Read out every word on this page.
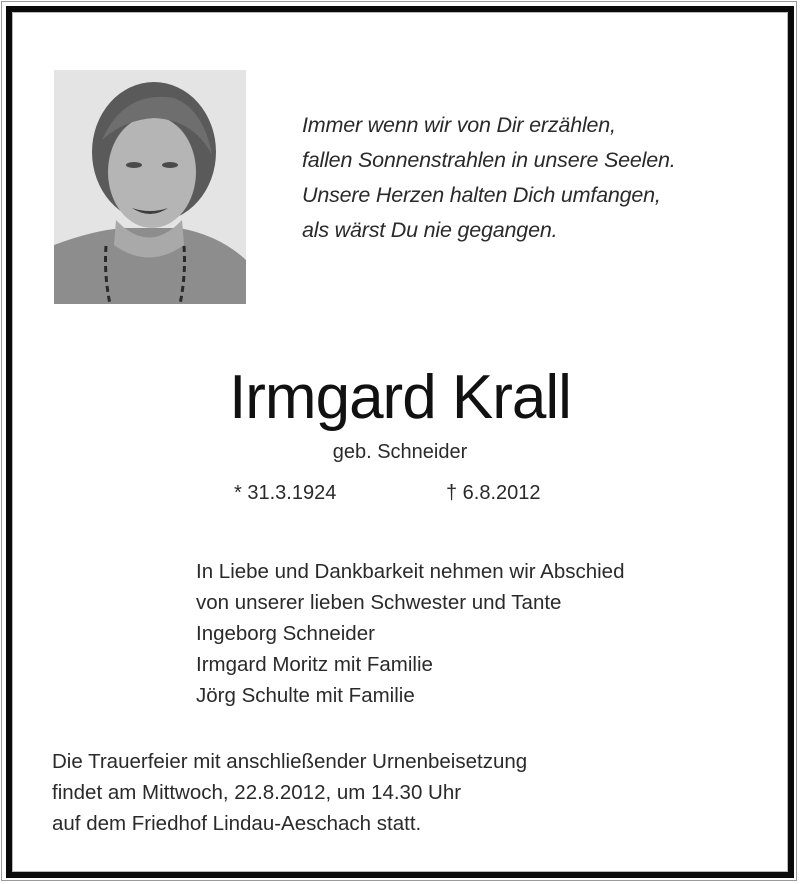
Immer wenn wir von Dir erzählen,
fallen Sonnenstrahlen in unsere Seelen.
Unsere Herzen halten Dich umfangen,
als wärst Du nie gegangen.
Irmgard Krall
geb. Schneider
* 31.3.1924	† 6.8.2012
In Liebe und Dankbarkeit nehmen wir Abschied
von unserer lieben Schwester und Tante
Ingeborg Schneider
Irmgard Moritz mit Familie
Jörg Schulte mit Familie
Die Trauerfeier mit anschließender Urnenbeisetzung
findet am Mittwoch, 22.8.2012, um 14.30 Uhr
auf dem Friedhof Lindau-Aeschach statt.
